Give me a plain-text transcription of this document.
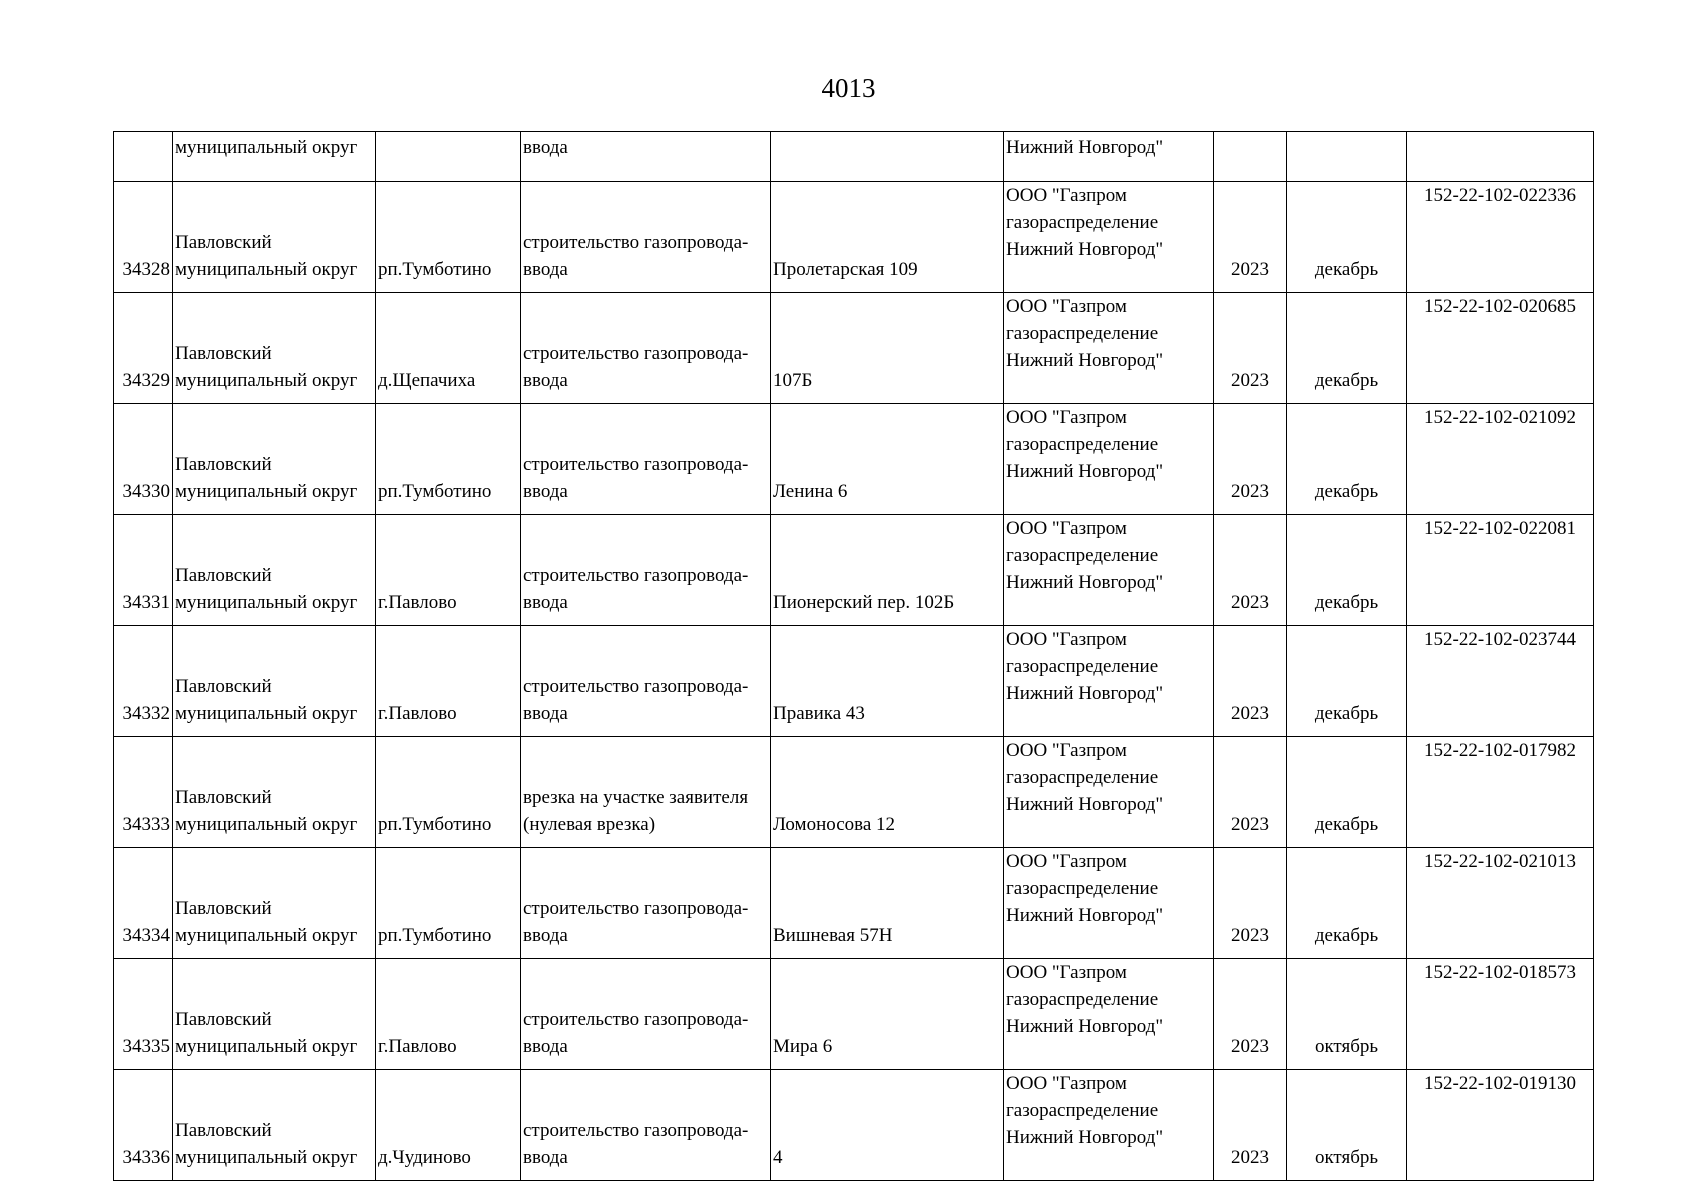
4013
	муниципальный округ		ввода		Нижний Новгород"			
34328	Павловский
муниципальный округ	рп.Тумботино	строительство газопровода-
ввода	Пролетарская 109	ООО "Газпром
газораспределение
Нижний Новгород"	2023	декабрь	152-22-102-022336
34329	Павловский
муниципальный округ	д.Щепачиха	строительство газопровода-
ввода	107Б	ООО "Газпром
газораспределение
Нижний Новгород"	2023	декабрь	152-22-102-020685
34330	Павловский
муниципальный округ	рп.Тумботино	строительство газопровода-
ввода	Ленина 6	ООО "Газпром
газораспределение
Нижний Новгород"	2023	декабрь	152-22-102-021092
34331	Павловский
муниципальный округ	г.Павлово	строительство газопровода-
ввода	Пионерский пер. 102Б	ООО "Газпром
газораспределение
Нижний Новгород"	2023	декабрь	152-22-102-022081
34332	Павловский
муниципальный округ	г.Павлово	строительство газопровода-
ввода	Правика 43	ООО "Газпром
газораспределение
Нижний Новгород"	2023	декабрь	152-22-102-023744
34333	Павловский
муниципальный округ	рп.Тумботино	врезка на участке заявителя
(нулевая врезка)	Ломоносова 12	ООО "Газпром
газораспределение
Нижний Новгород"	2023	декабрь	152-22-102-017982
34334	Павловский
муниципальный округ	рп.Тумботино	строительство газопровода-
ввода	Вишневая 57Н	ООО "Газпром
газораспределение
Нижний Новгород"	2023	декабрь	152-22-102-021013
34335	Павловский
муниципальный округ	г.Павлово	строительство газопровода-
ввода	Мира 6	ООО "Газпром
газораспределение
Нижний Новгород"	2023	октябрь	152-22-102-018573
34336	Павловский
муниципальный округ	д.Чудиново	строительство газопровода-
ввода	4	ООО "Газпром
газораспределение
Нижний Новгород"	2023	октябрь	152-22-102-019130
